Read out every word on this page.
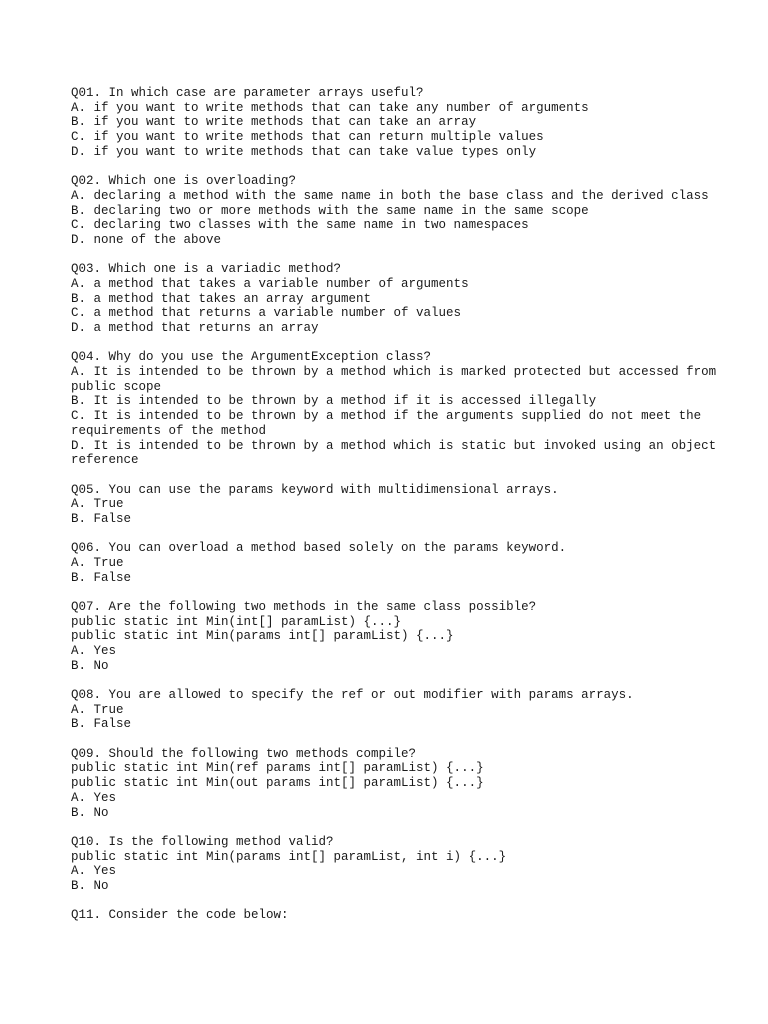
Q01. In which case are parameter arrays useful?
A. if you want to write methods that can take any number of arguments
B. if you want to write methods that can take an array
C. if you want to write methods that can return multiple values
D. if you want to write methods that can take value types only
Q02. Which one is overloading?
A. declaring a method with the same name in both the base class and the derived class
B. declaring two or more methods with the same name in the same scope
C. declaring two classes with the same name in two namespaces
D. none of the above
Q03. Which one is a variadic method?
A. a method that takes a variable number of arguments
B. a method that takes an array argument
C. a method that returns a variable number of values
D. a method that returns an array
Q04. Why do you use the ArgumentException class?
A. It is intended to be thrown by a method which is marked protected but accessed from public scope
B. It is intended to be thrown by a method if it is accessed illegally
C. It is intended to be thrown by a method if the arguments supplied do not meet the requirements of the method
D. It is intended to be thrown by a method which is static but invoked using an object reference
Q05. You can use the params keyword with multidimensional arrays.
A. True
B. False
Q06. You can overload a method based solely on the params keyword.
A. True
B. False
Q07. Are the following two methods in the same class possible?
public static int Min(int[] paramList) {...}
public static int Min(params int[] paramList) {...}
A. Yes
B. No
Q08. You are allowed to specify the ref or out modifier with params arrays.
A. True
B. False
Q09. Should the following two methods compile?
public static int Min(ref params int[] paramList) {...}
public static int Min(out params int[] paramList) {...}
A. Yes
B. No
Q10. Is the following method valid?
public static int Min(params int[] paramList, int i) {...}
A. Yes
B. No
Q11. Consider the code below:
